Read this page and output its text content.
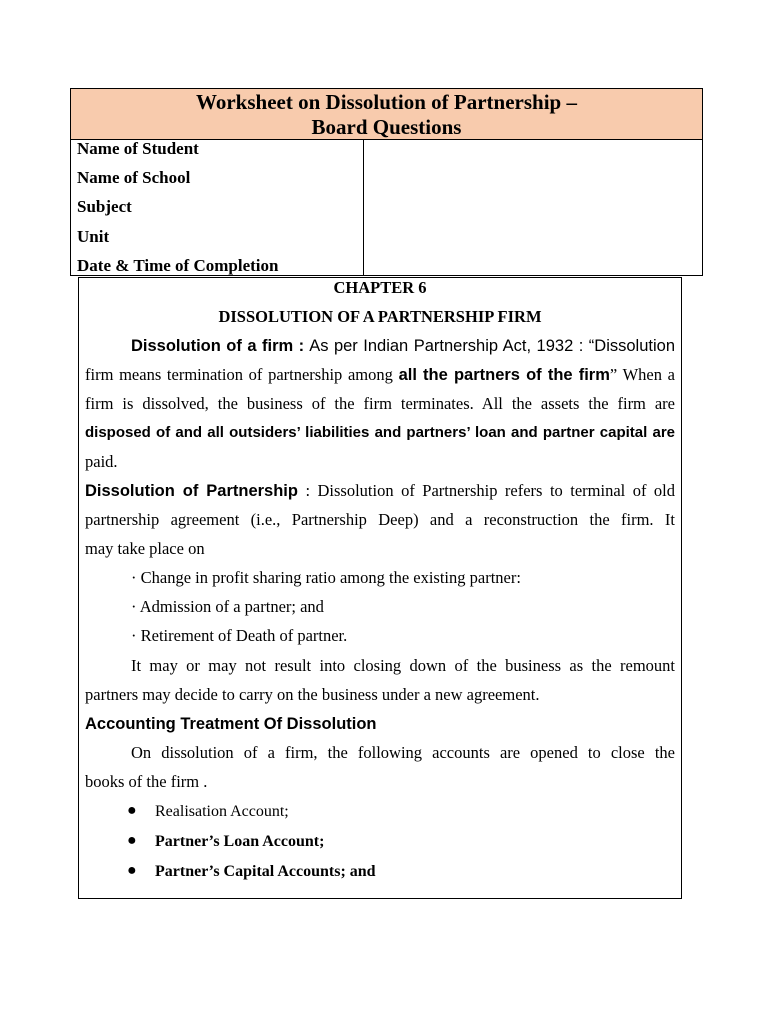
Worksheet on Dissolution of Partnership –
Board Questions
Name of Student
Name of School
Subject
Unit
Date & Time of Completion
CHAPTER 6
DISSOLUTION OF A PARTNERSHIP FIRM
Dissolution of a firm : As per Indian Partnership Act, 1932 : “Dissolution
firm means termination of partnership among all the partners of the firm” When a
firm is dissolved, the business of the firm terminates. All the assets the firm are
disposed of and all outsiders’ liabilities and partners’ loan and partner capital are
paid.
Dissolution of Partnership : Dissolution of Partnership refers to terminal of old
partnership agreement (i.e., Partnership Deep) and a reconstruction the firm. It
may take place on
· Change in profit sharing ratio among the existing partner:
· Admission of a partner; and
· Retirement of Death of partner.
It may or may not result into closing down of the business as the remount
partners may decide to carry on the business under a new agreement.
Accounting Treatment Of Dissolution
On dissolution of a firm, the following accounts are opened to close the
books of the firm .
● Realisation Account;
● Partner’s Loan Account;
● Partner’s Capital Accounts; and
